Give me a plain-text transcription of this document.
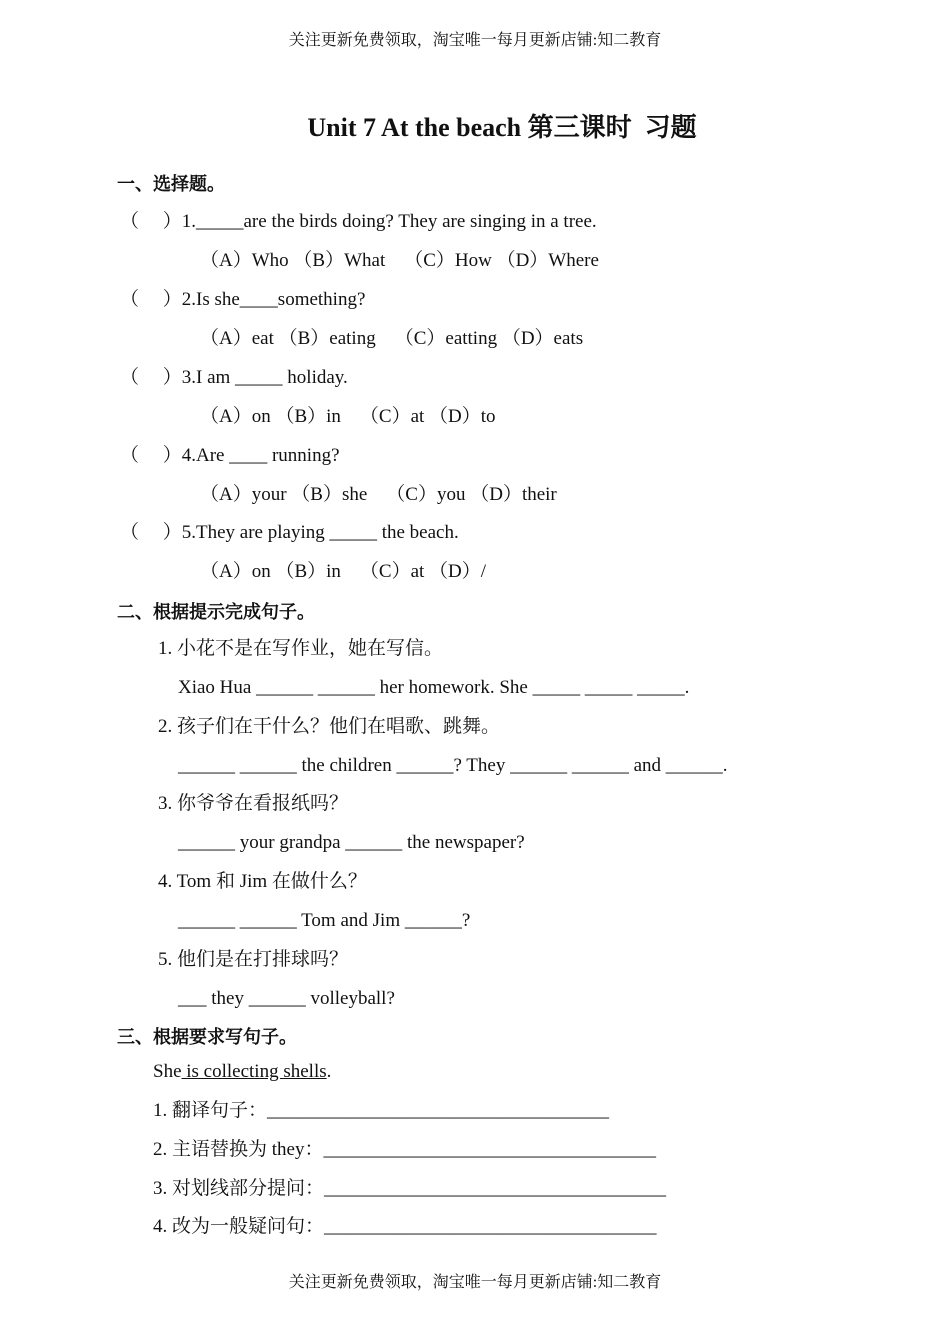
关注更新免费领取，淘宝唯一每月更新店铺:知二教育
Unit 7 At the beach 第三课时  习题
一、选择题。
（     ）1._____are the birds doing? They are singing in a tree.
（A）Who （B）What    （C）How （D）Where
（     ）2.Is she____something?
（A）eat （B）eating    （C）eatting （D）eats
（     ）3.I am _____ holiday.
（A）on （B）in    （C）at （D）to
（     ）4.Are ____ running?
（A）your （B）she    （C）you （D）their
（     ）5.They are playing _____ the beach.
（A）on （B）in    （C）at （D）/
二、根据提示完成句子。
1. 小花不是在写作业，她在写信。
Xiao Hua ______ ______ her homework. She _____ _____ _____.
2. 孩子们在干什么？他们在唱歌、跳舞。
______ ______ the children ______? They ______ ______ and ______.
3. 你爷爷在看报纸吗？
______ your grandpa ______ the newspaper?
4. Tom 和 Jim 在做什么？
______ ______ Tom and Jim ______?
5. 他们是在打排球吗？
___ they ______ volleyball?
三、根据要求写句子。
She is collecting shells.
1. 翻译句子：____________________________________
2. 主语替换为 they：___________________________________
3. 对划线部分提问：____________________________________
4. 改为一般疑问句：___________________________________
关注更新免费领取，淘宝唯一每月更新店铺:知二教育
